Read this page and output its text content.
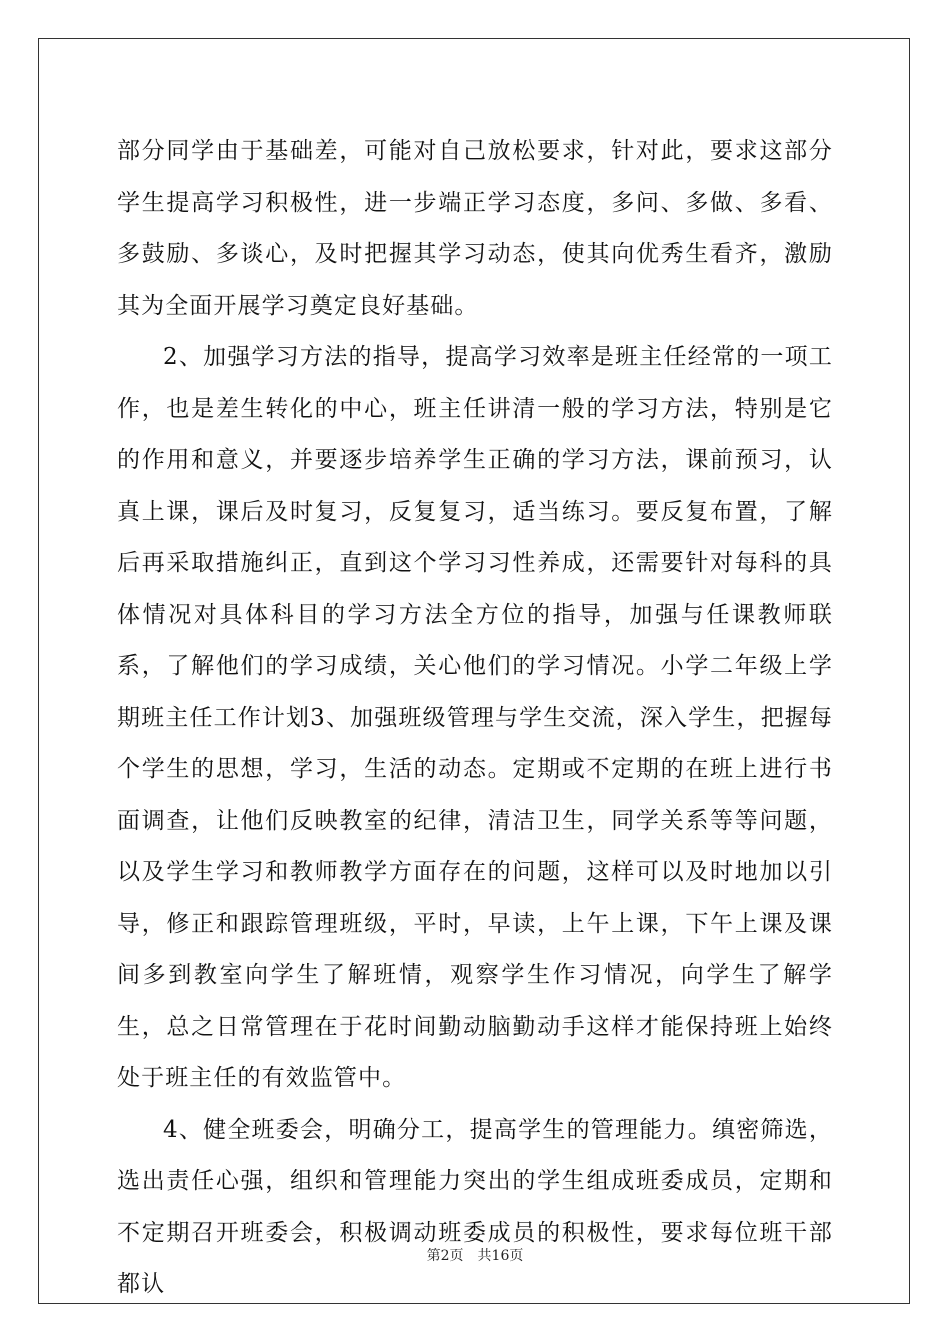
部分同学由于基础差，可能对自己放松要求，针对此，要求这部分学生提高学习积极性，进一步端正学习态度，多问、多做、多看、多鼓励、多谈心，及时把握其学习动态，使其向优秀生看齐，激励其为全面开展学习奠定良好基础。

2、加强学习方法的指导，提高学习效率是班主任经常的一项工作，也是差生转化的中心，班主任讲清一般的学习方法，特别是它的作用和意义，并要逐步培养学生正确的学习方法，课前预习，认真上课，课后及时复习，反复复习，适当练习。要反复布置，了解后再采取措施纠正，直到这个学习习性养成，还需要针对每科的具体情况对具体科目的学习方法全方位的指导，加强与任课教师联系，了解他们的学习成绩，关心他们的学习情况。小学二年级上学期班主任工作计划3、加强班级管理与学生交流，深入学生，把握每个学生的思想，学习，生活的动态。定期或不定期的在班上进行书面调查，让他们反映教室的纪律，清洁卫生，同学关系等等问题，以及学生学习和教师教学方面存在的问题，这样可以及时地加以引导，修正和跟踪管理班级，平时，早读，上午上课，下午上课及课间多到教室向学生了解班情，观察学生作习情况，向学生了解学生，总之日常管理在于花时间勤动脑勤动手这样才能保持班上始终处于班主任的有效监管中。

4、健全班委会，明确分工，提高学生的管理能力。缜密筛选，选出责任心强，组织和管理能力突出的学生组成班委成员，定期和不定期召开班委会，积极调动班委成员的积极性，要求每位班干部都认

第2页 共16页
